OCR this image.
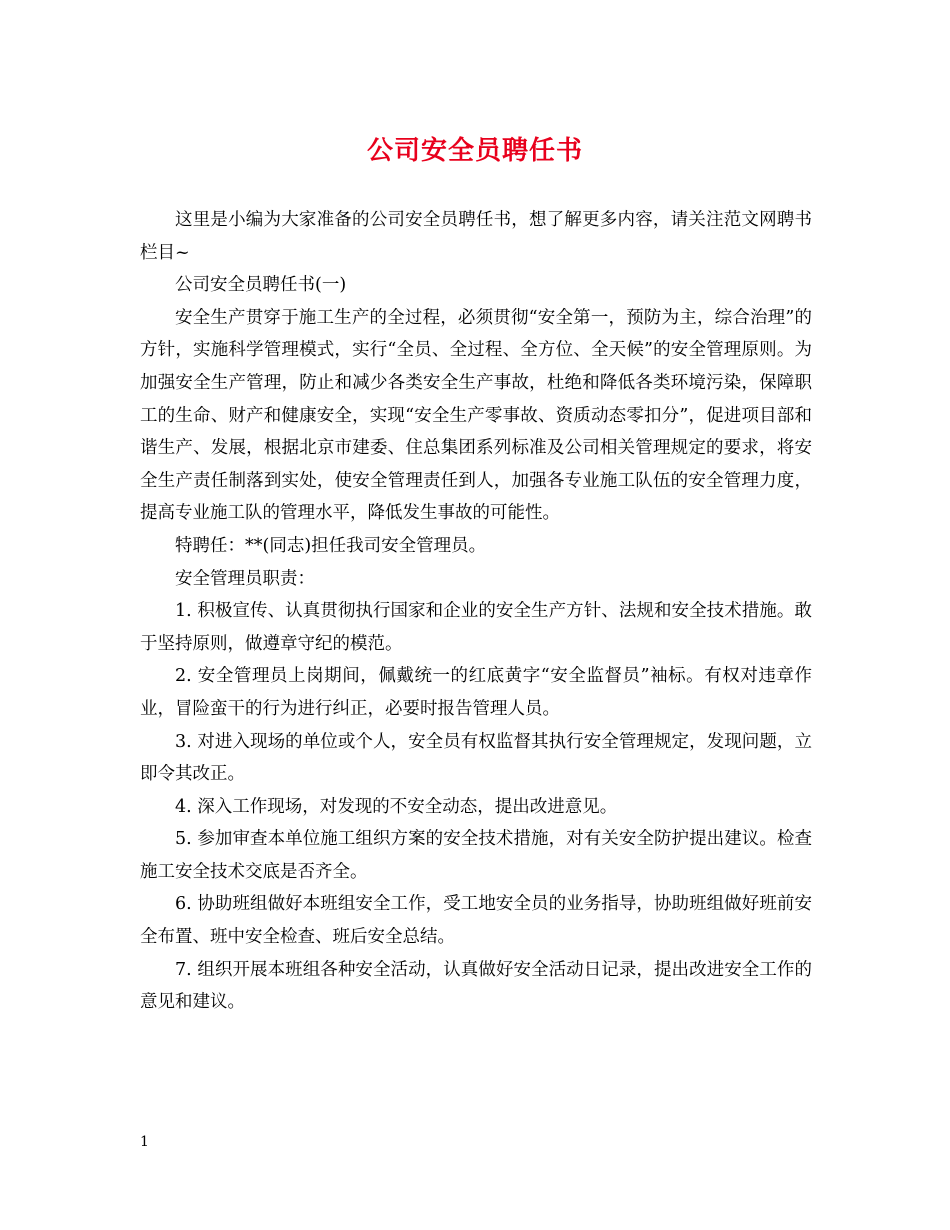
公司安全员聘任书

这里是小编为大家准备的公司安全员聘任书，想了解更多内容，请关注范文网聘书栏目~

公司安全员聘任书(一)

安全生产贯穿于施工生产的全过程，必须贯彻“安全第一，预防为主，综合治理”的方针，实施科学管理模式，实行“全员、全过程、全方位、全天候”的安全管理原则。为加强安全生产管理，防止和减少各类安全生产事故，杜绝和降低各类环境污染，保障职工的生命、财产和健康安全，实现“安全生产零事故、资质动态零扣分”，促进项目部和谐生产、发展，根据北京市建委、住总集团系列标准及公司相关管理规定的要求，将安全生产责任制落到实处，使安全管理责任到人，加强各专业施工队伍的安全管理力度，提高专业施工队的管理水平，降低发生事故的可能性。

特聘任：**(同志)担任我司安全管理员。

安全管理员职责：

1. 积极宣传、认真贯彻执行国家和企业的安全生产方针、法规和安全技术措施。敢于坚持原则，做遵章守纪的模范。

2. 安全管理员上岗期间，佩戴统一的红底黄字“安全监督员”袖标。有权对违章作业，冒险蛮干的行为进行纠正，必要时报告管理人员。

3. 对进入现场的单位或个人，安全员有权监督其执行安全管理规定，发现问题，立即令其改正。

4. 深入工作现场，对发现的不安全动态，提出改进意见。

5. 参加审查本单位施工组织方案的安全技术措施，对有关安全防护提出建议。检查施工安全技术交底是否齐全。

6. 协助班组做好本班组安全工作，受工地安全员的业务指导，协助班组做好班前安全布置、班中安全检查、班后安全总结。

7. 组织开展本班组各种安全活动，认真做好安全活动日记录，提出改进安全工作的意见和建议。

1
